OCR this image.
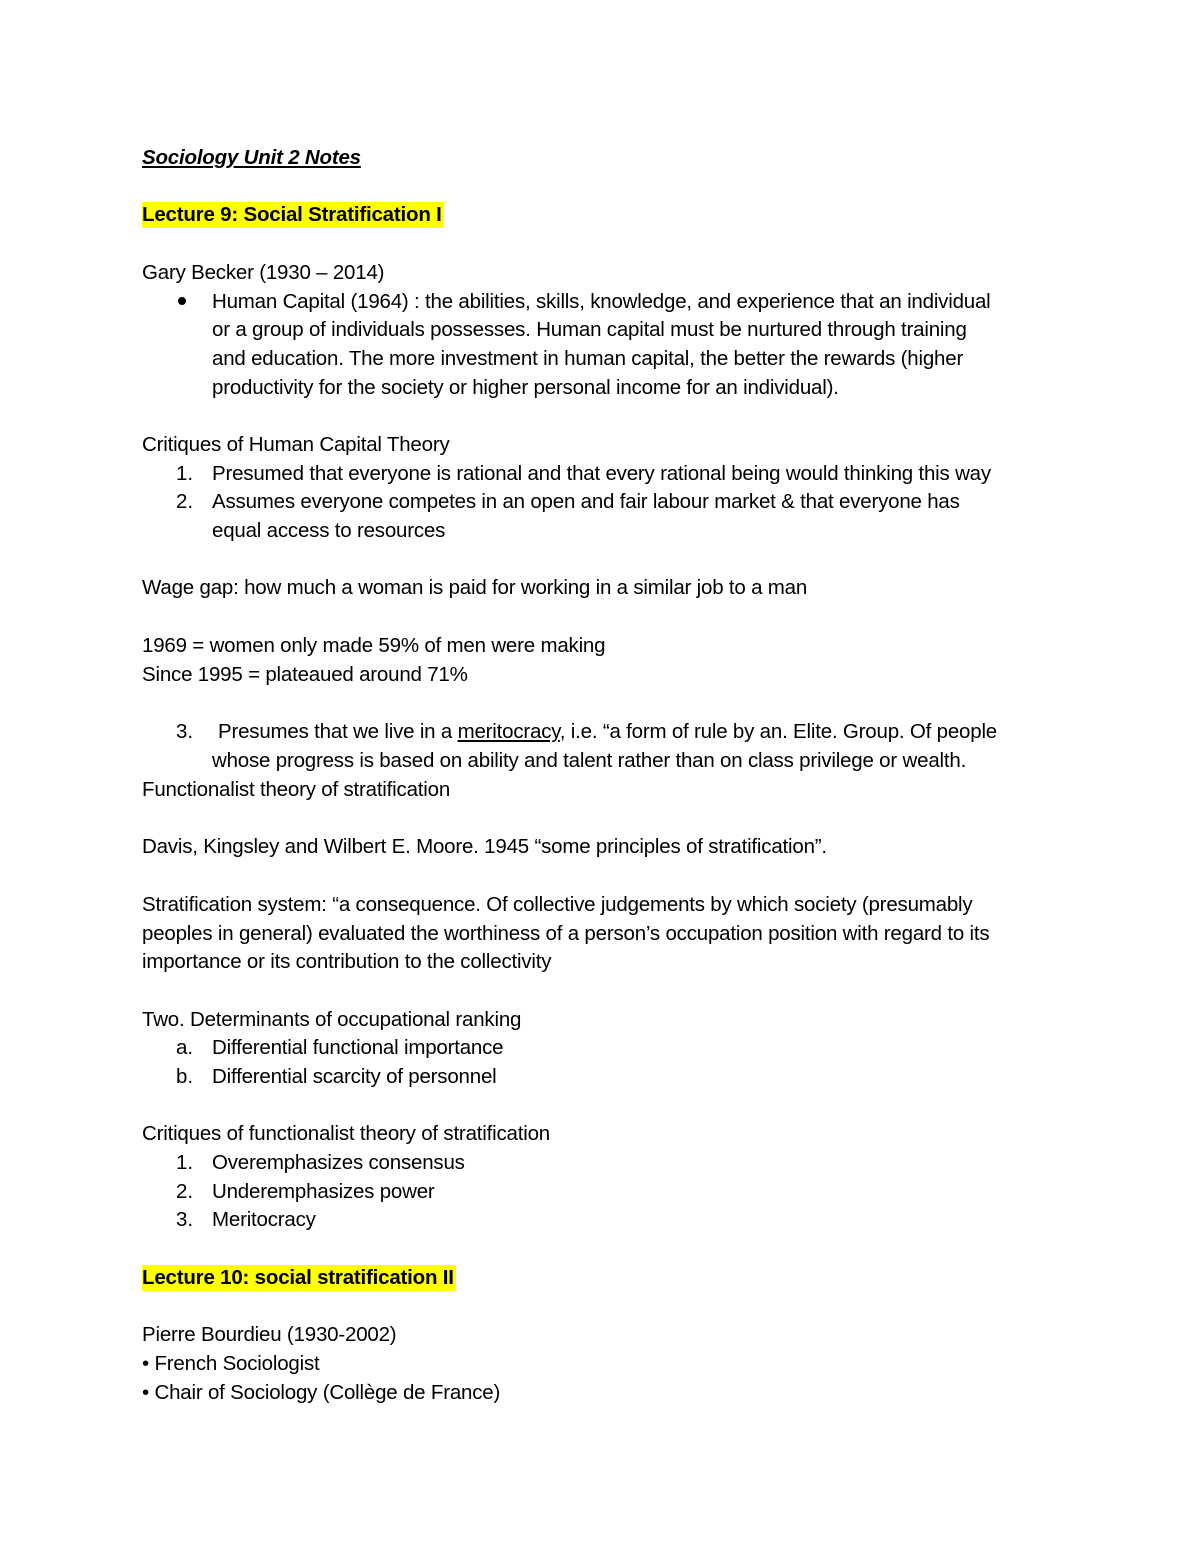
Sociology Unit 2 Notes
Lecture 9: Social Stratification I
Gary Becker (1930 – 2014)
Human Capital (1964) : the abilities, skills, knowledge, and experience that an individual
or a group of individuals possesses. Human capital must be nurtured through training
and education. The more investment in human capital, the better the rewards (higher
productivity for the society or higher personal income for an individual).
Critiques of Human Capital Theory
1. Presumed that everyone is rational and that every rational being would thinking this way
2. Assumes everyone competes in an open and fair labour market & that everyone has
equal access to resources
Wage gap: how much a woman is paid for working in a similar job to a man
1969 = women only made 59% of men were making
Since 1995 = plateaued around 71%
3. Presumes that we live in a meritocracy, i.e. “a form of rule by an. Elite. Group. Of people
whose progress is based on ability and talent rather than on class privilege or wealth.
Functionalist theory of stratification
Davis, Kingsley and Wilbert E. Moore. 1945 “some principles of stratification”.
Stratification system: “a consequence. Of collective judgements by which society (presumably
peoples in general) evaluated the worthiness of a person’s occupation position with regard to its
importance or its contribution to the collectivity
Two. Determinants of occupational ranking
a. Differential functional importance
b. Differential scarcity of personnel
Critiques of functionalist theory of stratification
1. Overemphasizes consensus
2. Underemphasizes power
3. Meritocracy
Lecture 10: social stratification II
Pierre Bourdieu (1930-2002)
• French Sociologist
• Chair of Sociology (Collège de France)
